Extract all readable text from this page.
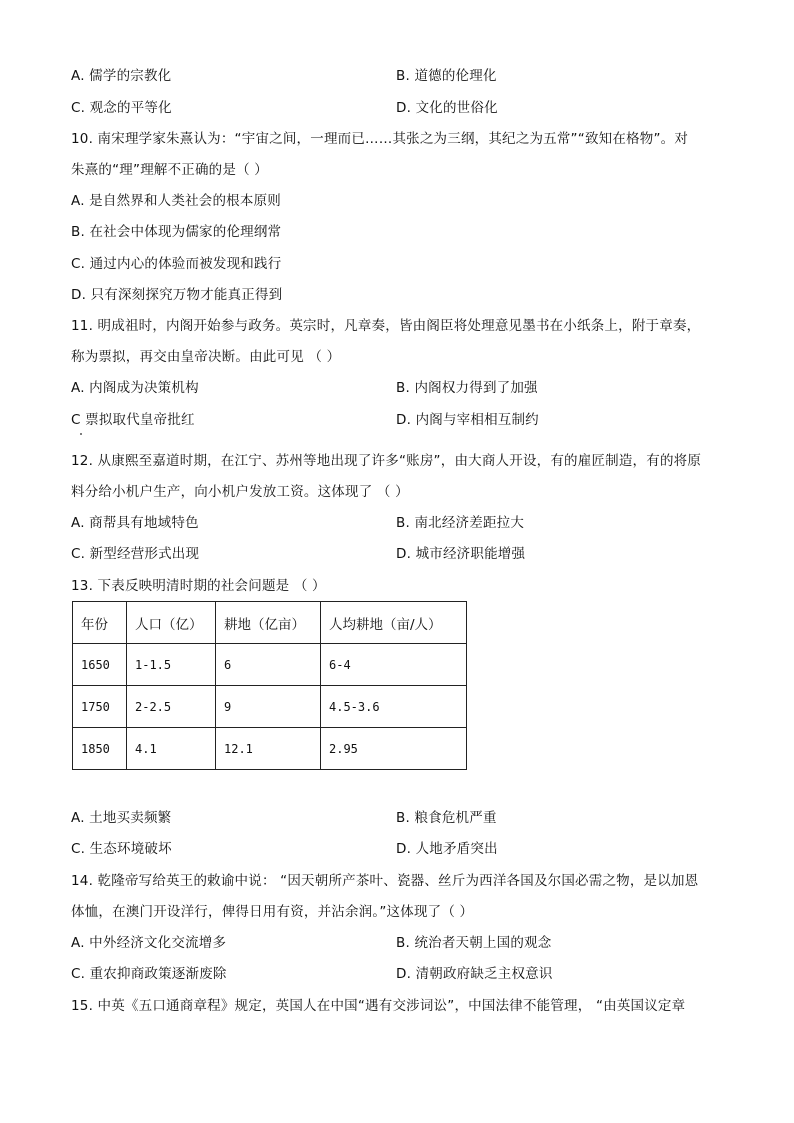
A. 儒学的宗教化	B. 道德的伦理化
C. 观念的平等化	D. 文化的世俗化
10. 南宋理学家朱熹认为：“宇宙之间，一理而已……其张之为三纲，其纪之为五常”“致知在格物”。对
朱熹的“理”理解不正确的是（ ）
A. 是自然界和人类社会的根本原则
B. 在社会中体现为儒家的伦理纲常
C. 通过内心的体验而被发现和践行
D. 只有深刻探究万物才能真正得到
11. 明成祖时，内阁开始参与政务。英宗时，凡章奏，皆由阁臣将处理意见墨书在小纸条上，附于章奏，
称为票拟，再交由皇帝决断。由此可见 （ ）
A. 内阁成为决策机构	B. 内阁权力得到了加强
C 票拟取代皇帝批红	D. 内阁与宰相相互制约
12. 从康熙至嘉道时期，在江宁、苏州等地出现了许多“账房”，由大商人开设，有的雇匠制造，有的将原
料分给小机户生产，向小机户发放工资。这体现了 （ ）
A. 商帮具有地域特色	B. 南北经济差距拉大
C. 新型经营形式出现	D. 城市经济职能增强
13. 下表反映明清时期的社会问题是 （ ）
年份	人口（亿）	耕地（亿亩）	人均耕地（亩/人）
1650	1-1.5	6	6-4
1750	2-2.5	9	4.5-3.6
1850	4.1	12.1	2.95
A. 土地买卖频繁	B. 粮食危机严重
C. 生态环境破坏	D. 人地矛盾突出
14. 乾隆帝写给英王的敕谕中说： “因天朝所产茶叶、瓷器、丝斤为西洋各国及尔国必需之物，是以加恩
体恤，在澳门开设洋行，俾得日用有资，并沾余润。”这体现了（ ）
A. 中外经济文化交流增多	B. 统治者天朝上国的观念
C. 重农抑商政策逐渐废除	D. 清朝政府缺乏主权意识
15. 中英《五口通商章程》规定，英国人在中国“遇有交涉词讼”，中国法律不能管理， “由英国议定章
